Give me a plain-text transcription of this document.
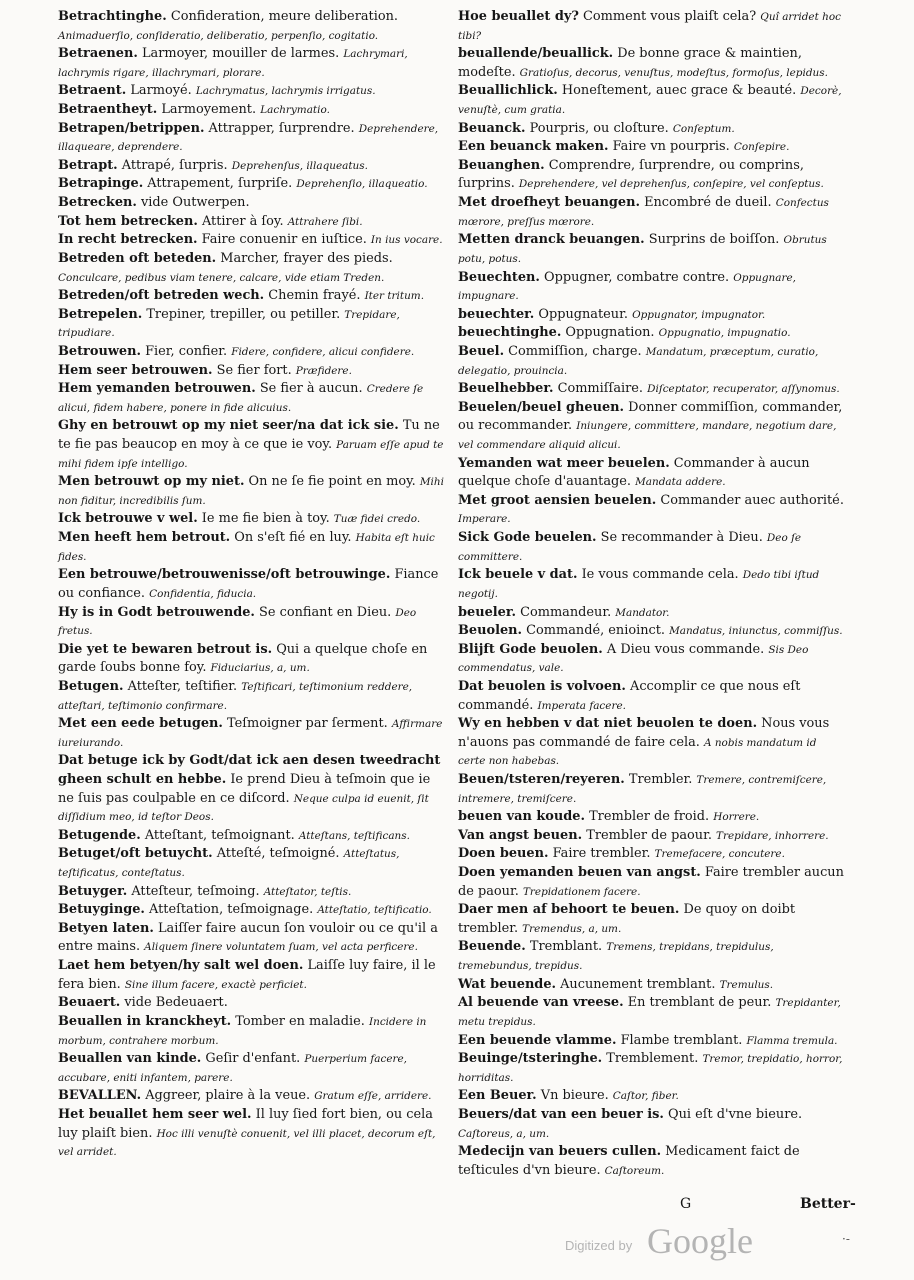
Betrachtinghe. Confideration, meure deliberation. Animaduerſio, conſideratio, deliberatio, perpenſio, cogitatio.

Betraenen. Larmoyer, mouiller de larmes. Lachrymari, lachrymis rigare, illachrymari, plorare.

Betraent. Larmoyé. Lachrymatus, lachrymis irrigatus.

Betraentheyt. Larmoyement. Lachrymatio.

Betrapen/betrippen. Attrapper, ſurprendre. Deprehendere, illaqueare, deprendere.

Betrapt. Attrapé, ſurpris. Deprehenſus, illaqueatus.

Betrapinge. Attrapement, ſurpriſe. Deprehenſio, illaqueatio.

Betrecken. vide Outwerpen.

Tot hem betrecken. Attirer à ſoy. Attrahere ſibi.

In recht betrecken. Faire conuenir en iuſtice. In ius vocare.

Betreden oft beteden. Marcher, frayer des pieds. Conculcare, pedibus viam tenere, calcare, vide etiam Treden.

Betreden/oft betreden wech. Chemin frayé. Iter tritum.

Betrepelen. Trepiner, trepiller, ou petiller. Trepidare, tripudiare.

Betrouwen. Fier, confier. Fidere, confidere, alicui confidere.

Hem seer betrouwen. Se fier fort. Præfidere.

Hem yemanden betrouwen. Se fier à aucun. Credere ſe alicui, fidem habere, ponere in fide alicuius.

Ghy en betrouwt op my niet seer/na dat ick sie. Tu ne te fie pas beaucop en moy à ce que ie voy. Paruam eſſe apud te mihi fidem ipſe intelligo.

Men betrouwt op my niet. On ne ſe fie point en moy. Mihi non fiditur, incredibilis ſum.

Ick betrouwe v wel. Ie me fie bien à toy. Tuæ fidei credo.

Men heeft hem betrout. On s'eſt fié en luy. Habita eſt huic fides.

Een betrouwe/betrouwenisse/oft betrouwinge. Fiance ou confiance. Confidentia, fiducia.

Hy is in Godt betrouwende. Se confiant en Dieu. Deo fretus.

Die yet te bewaren betrout is. Qui a quelque choſe en garde ſoubs bonne foy. Fiduciarius, a, um.

Betugen. Atteſter, teſtifier. Teſtificari, teſtimonium reddere, atteſtari, teſtimonio confirmare.

Met een eede betugen. Teſmoigner par ſerment. Affirmare iureiurando.

Dat betuge ick by Godt/dat ick aen desen tweedracht gheen schult en hebbe. Ie prend Dieu à teſmoin que ie ne ſuis pas coulpable en ce diſcord. Neque culpa id euenit, ſit diſſidium meo, id teſtor Deos.

Betugende. Atteſtant, teſmoignant. Atteſtans, teſtificans.

Betuget/oft betuycht. Atteſté, teſmoigné. Atteſtatus, teſtificatus, conteſtatus.

Betuyger. Atteſteur, teſmoing. Atteſtator, teſtis.

Betuyginge. Atteſtation, teſmoignage. Atteſtatio, teſtificatio.

Betyen laten. Laiſſer faire aucun ſon vouloir ou ce qu'il a entre mains. Aliquem ſinere voluntatem ſuam, vel acta perficere.

Laet hem betyen/hy salt wel doen. Laiſſe luy faire, il le fera bien. Sine illum facere, exactè perficiet.

Beuaert. vide Bedeuaert.

Beuallen in kranckheyt. Tomber en maladie. Incidere in morbum, contrahere morbum.

Beuallen van kinde. Geſir d'enfant. Puerperium facere, accubare, eniti infantem, parere.

BEVALLEN. Aggreer, plaire à la veue. Gratum eſſe, arridere.

Het beuallet hem seer wel. Il luy ſied fort bien, ou cela luy plaiſt bien. Hoc illi venuſtè conuenit, vel illi placet, decorum eſt, vel arridet.

Hoe beuallet dy? Comment vous plaiſt cela? Quî arridet hoc tibi?

beuallende/beuallick. De bonne grace & maintien, modeſte. Gratioſus, decorus, venuſtus, modeſtus, formoſus, lepidus.

Beuallichlick. Honeſtement, auec grace & beauté. Decorè, venuſtè, cum gratia.

Beuanck. Pourpris, ou cloſture. Conſeptum.

Een beuanck maken. Faire vn pourpris. Conſepire.

Beuanghen. Comprendre, ſurprendre, ou comprins, ſurprins. Deprehendere, vel deprehenſus, conſepire, vel conſeptus.

Met droefheyt beuangen. Encombré de dueil. Confectus mœrore, preſſus mœrore.

Metten dranck beuangen. Surprins de boiſſon. Obrutus potu, potus.

Beuechten. Oppugner, combatre contre. Oppugnare, impugnare.

beuechter. Oppugnateur. Oppugnator, impugnator.

beuechtinghe. Oppugnation. Oppugnatio, impugnatio.

Beuel. Commiſſion, charge. Mandatum, præceptum, curatio, delegatio, prouincia.

Beuelhebber. Commiſſaire. Diſceptator, recuperator, aſſynomus.

Beuelen/beuel gheuen. Donner commiſſion, commander, ou recommander. Iniungere, committere, mandare, negotium dare, vel commendare aliquid alicui.

Yemanden wat meer beuelen. Commander à aucun quelque choſe d'auantage. Mandata addere.

Met groot aensien beuelen. Commander auec authorité. Imperare.

Sick Gode beuelen. Se recommander à Dieu. Deo ſe committere.

Ick beuele v dat. Ie vous commande cela. Dedo tibi iſtud negotij.

beueler. Commandeur. Mandator.

Beuolen. Commandé, enioinct. Mandatus, iniunctus, commiſſus.

Blijft Gode beuolen. A Dieu vous commande. Sis Deo commendatus, vale.

Dat beuolen is volvoen. Accomplir ce que nous eſt commandé. Imperata facere.

Wy en hebben v dat niet beuolen te doen. Nous vous n'auons pas commandé de faire cela. A nobis mandatum id certe non habebas.

Beuen/tsteren/reyeren. Trembler. Tremere, contremiſcere, intremere, tremiſcere.

beuen van koude. Trembler de froid. Horrere.

Van angst beuen. Trembler de paour. Trepidare, inhorrere.

Doen beuen. Faire trembler. Tremefacere, concutere.

Doen yemanden beuen van angst. Faire trembler aucun de paour. Trepidationem facere.

Daer men af behoort te beuen. De quoy on doibt trembler. Tremendus, a, um.

Beuende. Tremblant. Tremens, trepidans, trepidulus, tremebundus, trepidus.

Wat beuende. Aucunement tremblant. Tremulus.

Al beuende van vreese. En tremblant de peur. Trepidanter, metu trepidus.

Een beuende vlamme. Flambe tremblant. Flamma tremula.

Beuinge/tsteringhe. Tremblement. Tremor, trepidatio, horror, horriditas.

Een Beuer. Vn bieure. Caſtor, fiber.

Beuers/dat van een beuer is. Qui eſt d'vne bieure. Caſtoreus, a, um.

Medecijn van beuers cullen. Medicament faict de teſticules d'vn bieure. Caſtoreum.

G	Better-
Digitized by Google	·-
